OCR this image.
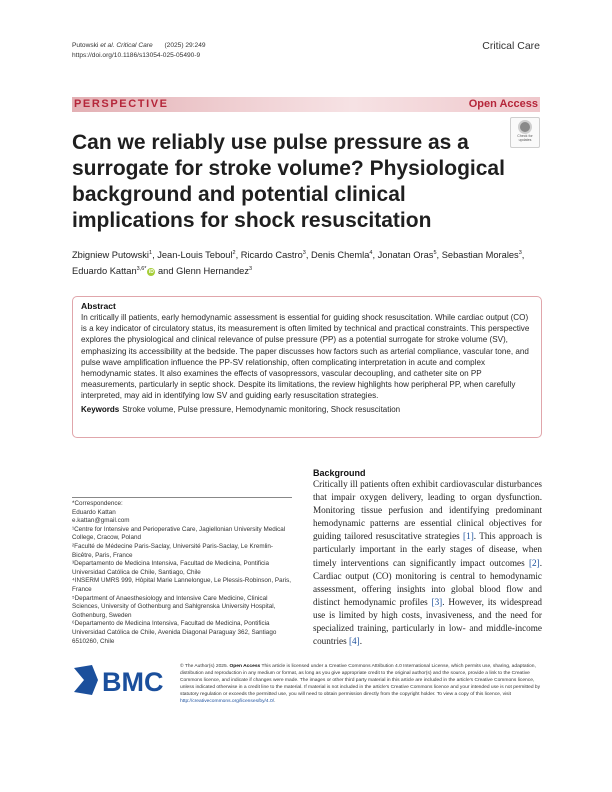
Putowski et al. Critical Care (2025) 29:249
https://doi.org/10.1186/s13054-025-05490-9
Critical Care
PERSPECTIVE	Open Access
Can we reliably use pulse pressure as a surrogate for stroke volume? Physiological background and potential clinical implications for shock resuscitation
Check for
updates
Zbigniew Putowski$^1$, Jean-Louis Teboul$^2$, Ricardo Castro$^3$, Denis Chemla$^4$, Jonatan Oras$^5$, Sebastian Morales$^3$, Eduardo Kattan$^{3,6*}$iD and Glenn Hernandez$^3$
Abstract
In critically ill patients, early hemodynamic assessment is essential for guiding shock resuscitation. While cardiac output (CO) is a key indicator of circulatory status, its measurement is often limited by technical and practical constraints. This perspective explores the physiological and clinical relevance of pulse pressure (PP) as a potential surrogate for stroke volume (SV), emphasizing its accessibility at the bedside. The paper discusses how factors such as arterial compliance, vascular tone, and pulse wave amplification influence the PP-SV relationship, often complicating interpretation in acute and complex hemodynamic states. It also examines the effects of vasopressors, vascular decoupling, and catheter site on PP measurements, particularly in septic shock. Despite its limitations, the review highlights how peripheral PP, when carefully interpreted, may aid in identifying low SV and guiding early resuscitation strategies.
Keywords Stroke volume, Pulse pressure, Hemodynamic monitoring, Shock resuscitation
Background
Critically ill patients often exhibit cardiovascular disturbances that impair oxygen delivery, leading to organ dysfunction. Monitoring tissue perfusion and identifying predominant hemodynamic patterns are essential clinical objectives for guiding tailored resuscitative strategies [1]. This approach is particularly important in the early stages of disease, when timely interventions can significantly impact outcomes [2]. Cardiac output (CO) monitoring is central to hemodynamic assessment, offering insights into global blood flow and distinct hemodynamic profiles [3]. However, its widespread use is limited by high costs, invasiveness, and the need for specialized training, particularly in low- and middle-income countries [4].
*Correspondence:
Eduardo Kattan
e.kattan@gmail.com
¹Centre for Intensive and Perioperative Care, Jagiellonian University Medical College, Cracow, Poland
²Faculté de Médecine Paris-Saclay, Université Paris-Saclay, Le Kremlin-Bicêtre, Paris, France
³Departamento de Medicina Intensiva, Facultad de Medicina, Pontificia Universidad Católica de Chile, Santiago, Chile
⁴INSERM UMRS 999, Hôpital Marie Lannelongue, Le Plessis-Robinson, Paris, France
⁵Department of Anaesthesiology and Intensive Care Medicine, Clinical Sciences, University of Gothenburg and Sahlgrenska University Hospital, Gothenburg, Sweden
⁶Departamento de Medicina Intensiva, Facultad de Medicina, Pontificia Universidad Católica de Chile, Avenida Diagonal Paraguay 362, Santiago 6510260, Chile
BMC
© The Author(s) 2025. Open Access This article is licensed under a Creative Commons Attribution 4.0 International License, which permits use, sharing, adaptation, distribution and reproduction in any medium or format, as long as you give appropriate credit to the original author(s) and the source, provide a link to the Creative Commons licence, and indicate if changes were made. The images or other third party material in this article are included in the article’s Creative Commons licence, unless indicated otherwise in a credit line to the material. If material is not included in the article’s Creative Commons licence and your intended use is not permitted by statutory regulation or exceeds the permitted use, you will need to obtain permission directly from the copyright holder. To view a copy of this licence, visit http://creativecommons.org/licenses/by/4.0/.
